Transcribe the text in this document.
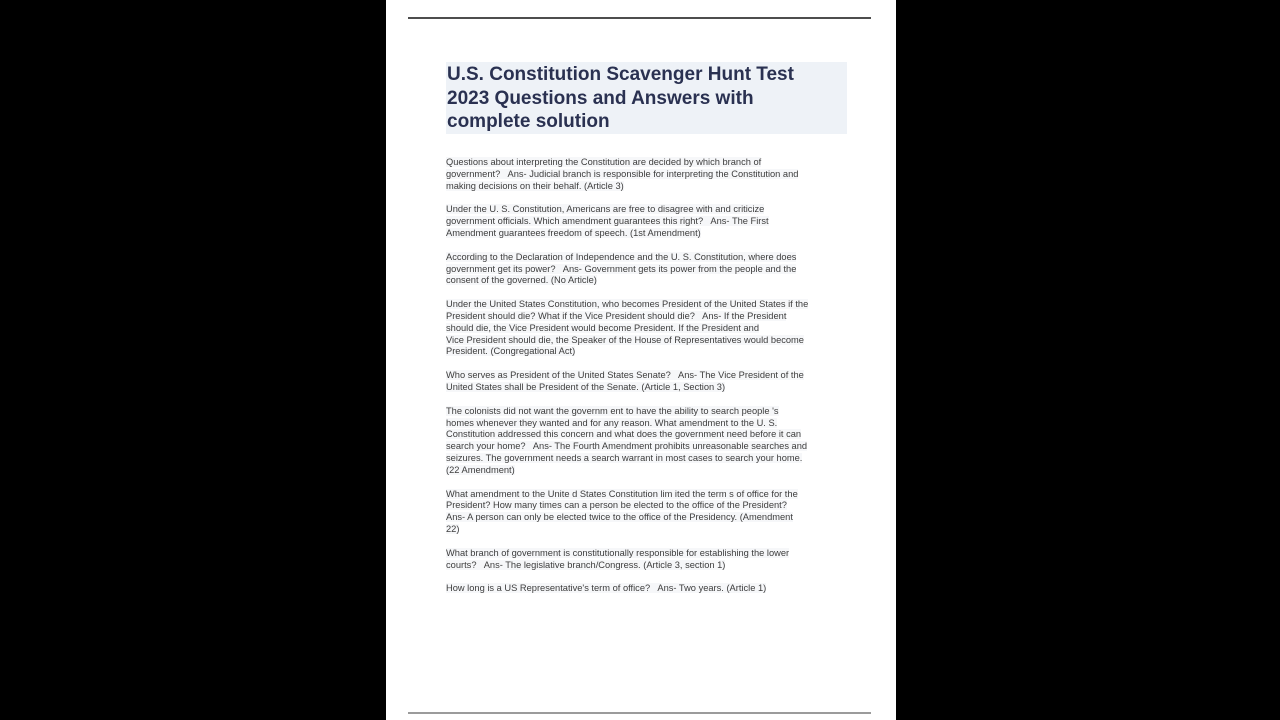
U.S. Constitution Scavenger Hunt Test
2023 Questions and Answers with
complete solution
Questions about interpreting the Constitution are decided by which branch of
government?   Ans- Judicial branch is responsible for interpreting the Constitution and
making decisions on their behalf. (Article 3)
Under the U. S. Constitution, Americans are free to disagree with and criticize
government officials. Which amendment guarantees this right?   Ans- The First
Amendment guarantees freedom of speech. (1st Amendment)
According to the Declaration of Independence and the U. S. Constitution, where does
government get its power?   Ans- Government gets its power from the people and the
consent of the governed. (No Article)
Under the United States Constitution, who becomes President of the United States if the
President should die? What if the Vice President should die?   Ans- If the President
should die, the Vice President would become President. If the President and
Vice President should die, the Speaker of the House of Representatives would become
President. (Congregational Act)
Who serves as President of the United States Senate?   Ans- The Vice President of the
United States shall be President of the Senate. (Article 1, Section 3)
The colonists did not want the governm ent to have the ability to search people 's
homes whenever they wanted and for any reason. What amendment to the U. S.
Constitution addressed this concern and what does the government need before it can
search your home?   Ans- The Fourth Amendment prohibits unreasonable searches and
seizures. The government needs a search warrant in most cases to search your home.
(22 Amendment)
What amendment to the Unite d States Constitution lim ited the term s of office for the
President? How many times can a person be elected to the office of the President?
Ans- A person can only be elected twice to the office of the Presidency. (Amendment
22)
What branch of government is constitutionally responsible for establishing the lower
courts?   Ans- The legislative branch/Congress. (Article 3, section 1)
How long is a US Representative's term of office?   Ans- Two years. (Article 1)
